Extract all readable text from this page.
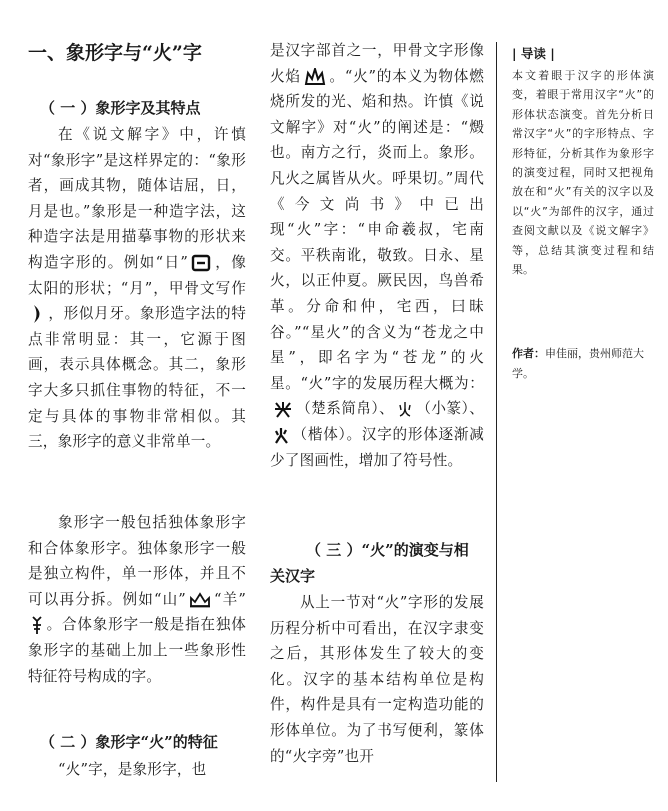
一、象形字与“火”字
（ 一 ）象形字及其特点

在《说文解字》中，许慎对“象形字”是这样界定的：“象形者，画成其物，随体诘屈，日，月是也。”象形是一种造字法，这种造字法是用描摹事物的形状来构造字形的。例如“日” ，像太阳的形状；“月”，甲骨文写作，形似月牙。象形造字法的特点非常明显：其一，它源于图画，表示具体概念。其二，象形字大多只抓住事物的特征，不一定与具体的事物非常相似。其三，象形字的意义非常单一。

象形字一般包括独体象形字和合体象形字。独体象形字一般是独立构件，单一形体，并且不可以再分拆。例如“山” “羊”。合体象形字一般是指在独体象形字的基础上加上一些象形性特征符号构成的字。

（ 二 ）象形字“火”的特征

“火”字，是象形字，也

是汉字部首之一，甲骨文字形像火焰 。“火”的本义为物体燃烧所发的光、焰和热。许慎《说文解字》对“火”的阐述是：“燬也。南方之行，炎而上。象形。凡火之属皆从火。呼果切。”周代《今文尚书》中已出现“火”字：“申命羲叔，宅南交。平秩南讹，敬致。日永、星火，以正仲夏。厥民因，鸟兽希革。分命和仲，宅西，曰昧谷。”“星火”的含义为“苍龙之中星”，即名字为“苍龙”的火星。“火”字的发展历程大概为：（楚系简帛）、 （小篆）、（楷体）。汉字的形体逐渐减少了图画性，增加了符号性。

（ 三 ）“火”的演变与相
关汉字

从上一节对“火”字形的发展历程分析中可看出，在汉字隶变之后，其形体发生了较大的变化。汉字的基本结构单位是构件，构件是具有一定构造功能的形体单位。为了书写便利，篆体的“火字旁”也开

| 导读 |

本文着眼于汉字的形体演变，着眼于常用汉字“火”的形体状态演变。首先分析日常汉字“火”的字形特点、字形特征，分析其作为象形字的演变过程，同时又把视角放在和“火”有关的汉字以及以“火”为部件的汉字，通过查阅文献以及《说文解字》等，总结其演变过程和结果。

作者：申佳丽，贵州师范大学。
